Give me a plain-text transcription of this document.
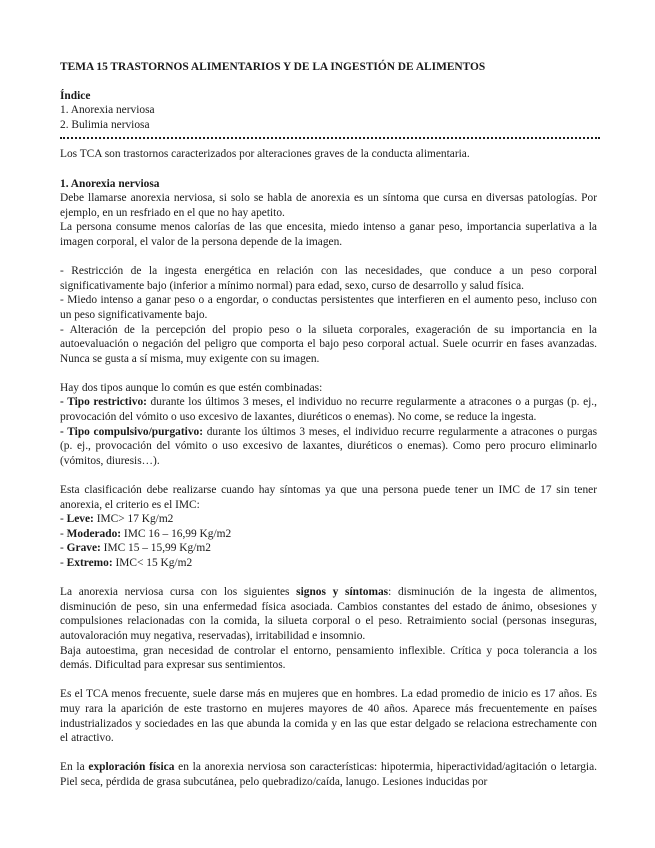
TEMA 15 TRASTORNOS ALIMENTARIOS Y DE LA INGESTIÓN DE ALIMENTOS

Índice
1. Anorexia nerviosa
2. Bulimia nerviosa

Los TCA son trastornos caracterizados por alteraciones graves de la conducta alimentaria.

1. Anorexia nerviosa

Debe llamarse anorexia nerviosa, si solo se habla de anorexia es un síntoma que cursa en diversas patologías. Por ejemplo, en un resfriado en el que no hay apetito.

La persona consume menos calorías de las que encesita, miedo intenso a ganar peso, importancia superlativa a la imagen corporal, el valor de la persona depende de la imagen.

- Restricción de la ingesta energética en relación con las necesidades, que conduce a un peso corporal significativamente bajo (inferior a mínimo normal) para edad, sexo, curso de desarrollo y salud física.

- Miedo intenso a ganar peso o a engordar, o conductas persistentes que interfieren en el aumento peso, incluso con un peso significativamente bajo.

- Alteración de la percepción del propio peso o la silueta corporales, exageración de su importancia en la autoevaluación o negación del peligro que comporta el bajo peso corporal actual. Suele ocurrir en fases avanzadas. Nunca se gusta a sí misma, muy exigente con su imagen.

Hay dos tipos aunque lo común es que estén combinadas:

- Tipo restrictivo: durante los últimos 3 meses, el individuo no recurre regularmente a atracones o a purgas (p. ej., provocación del vómito o uso excesivo de laxantes, diuréticos o enemas). No come, se reduce la ingesta.

- Tipo compulsivo/purgativo: durante los últimos 3 meses, el individuo recurre regularmente a atracones o purgas (p. ej., provocación del vómito o uso excesivo de laxantes, diuréticos o enemas). Como pero procuro eliminarlo (vómitos, diuresis…).

Esta clasificación debe realizarse cuando hay síntomas ya que una persona puede tener un IMC de 17 sin tener anorexia, el criterio es el IMC:

- Leve: IMC> 17 Kg/m2
- Moderado: IMC 16 – 16,99 Kg/m2
- Grave: IMC 15 – 15,99 Kg/m2
- Extremo: IMC< 15 Kg/m2

La anorexia nerviosa cursa con los siguientes signos y síntomas: disminución de la ingesta de alimentos, disminución de peso, sin una enfermedad física asociada. Cambios constantes del estado de ánimo, obsesiones y compulsiones relacionadas con la comida, la silueta corporal o el peso. Retraimiento social (personas inseguras, autovaloración muy negativa, reservadas), irritabilidad e insomnio.

Baja autoestima, gran necesidad de controlar el entorno, pensamiento inflexible. Crítica y poca tolerancia a los demás. Dificultad para expresar sus sentimientos.

Es el TCA menos frecuente, suele darse más en mujeres que en hombres. La edad promedio de inicio es 17 años. Es muy rara la aparición de este trastorno en mujeres mayores de 40 años. Aparece más frecuentemente en países industrializados y sociedades en las que abunda la comida y en las que estar delgado se relaciona estrechamente con el atractivo.

En la exploración física en la anorexia nerviosa son características: hipotermia, hiperactividad/agitación o letargia. Piel seca, pérdida de grasa subcutánea, pelo quebradizo/caída, lanugo. Lesiones inducidas por
